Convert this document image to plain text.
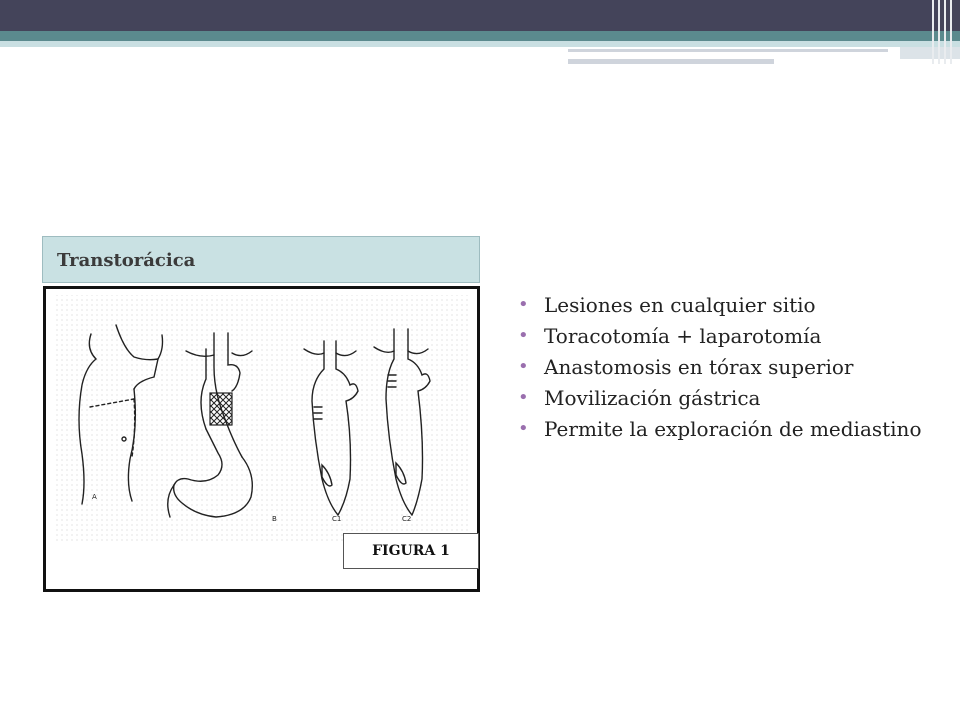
Transtorácica
A
B	C1	C2
FIGURA 1
• Lesiones en cualquier sitio
• Toracotomía + laparotomía
• Anastomosis en tórax superior
• Movilización gástrica
• Permite la exploración de mediastino
